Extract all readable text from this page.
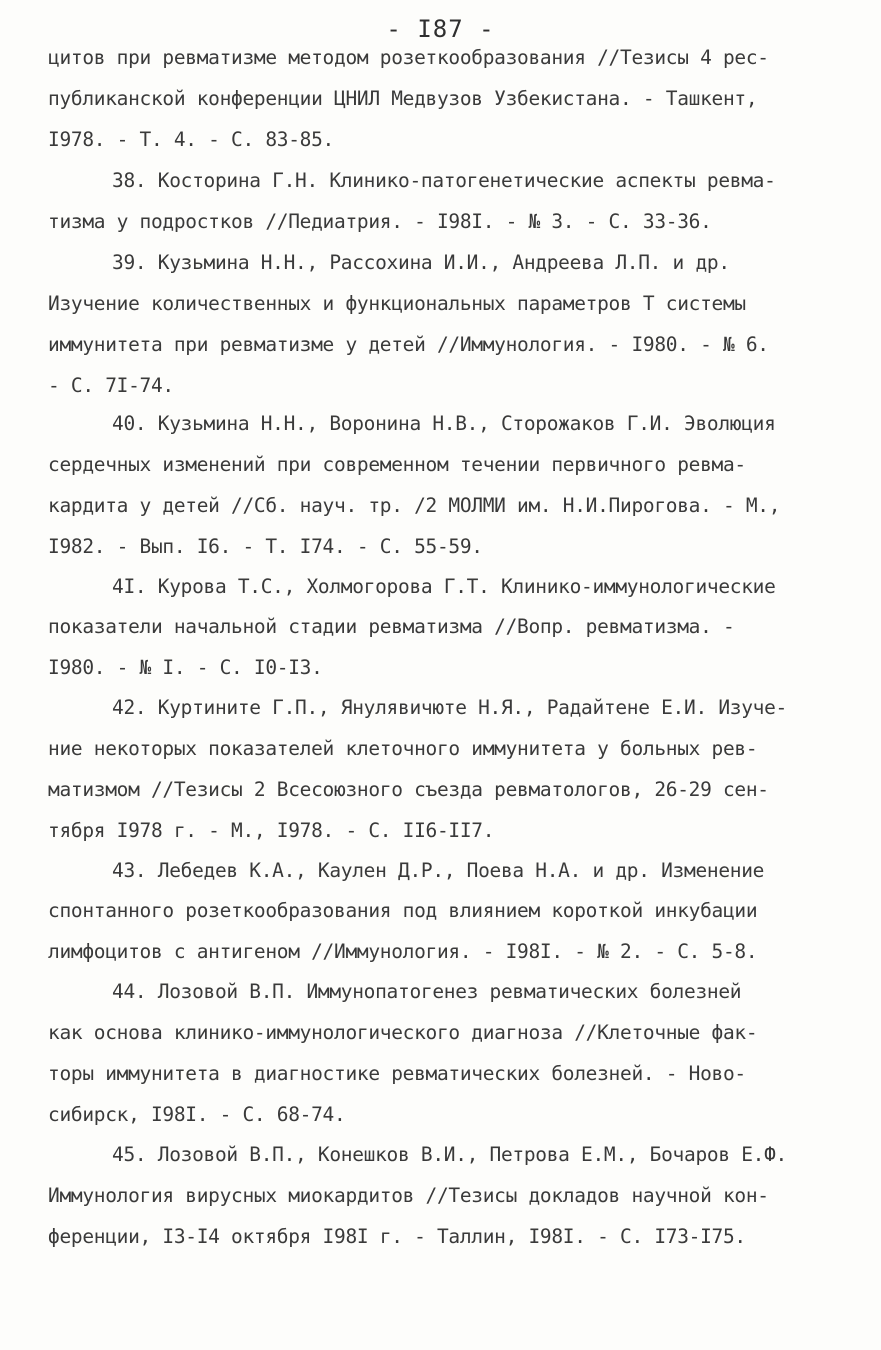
- I87 -
цитов при ревматизме методом розеткообразования //Тезисы 4 рес-
публиканской конференции ЦНИЛ Медвузов Узбекистана. - Ташкент,
I978. - Т. 4. - С. 83-85.
38. Косторина Г.Н. Клинико-патогенетические аспекты ревма-
тизма у подростков //Педиатрия. - I98I. - № 3. - С. 33-36.
39. Кузьмина Н.Н., Рассохина И.И., Андреева Л.П. и др.
Изучение количественных и функциональных параметров Т системы
иммунитета при ревматизме у детей //Иммунология. - I980. - № 6.
- С. 7I-74.
40. Кузьмина Н.Н., Воронина Н.В., Сторожаков Г.И. Эволюция
сердечных изменений при современном течении первичного ревма-
кардита у детей //Сб. науч. тр. /2 МОЛМИ им. Н.И.Пирогова. - М.,
I982. - Вып. I6. - Т. I74. - С. 55-59.
4I. Курова Т.С., Холмогорова Г.Т. Клинико-иммунологические
показатели начальной стадии ревматизма //Вопр. ревматизма. -
I980. - № I. - С. I0-I3.
42. Куртините Г.П., Янулявичюте Н.Я., Радайтене Е.И. Изуче-
ние некоторых показателей клеточного иммунитета у больных рев-
матизмом //Тезисы 2 Всесоюзного съезда ревматологов, 26-29 сен-
тября I978 г. - М., I978. - С. II6-II7.
43. Лебедев К.А., Каулен Д.Р., Поева Н.А. и др. Изменение
спонтанного розеткообразования под влиянием короткой инкубации
лимфоцитов с антигеном //Иммунология. - I98I. - № 2. - С. 5-8.
44. Лозовой В.П. Иммунопатогенез ревматических болезней
как основа клинико-иммунологического диагноза //Клеточные фак-
торы иммунитета в диагностике ревматических болезней. - Ново-
сибирск, I98I. - С. 68-74.
45. Лозовой В.П., Конешков В.И., Петрова Е.М., Бочаров Е.Ф.
Иммунология вирусных миокардитов //Тезисы докладов научной кон-
ференции, I3-I4 октября I98I г. - Таллин, I98I. - С. I73-I75.
